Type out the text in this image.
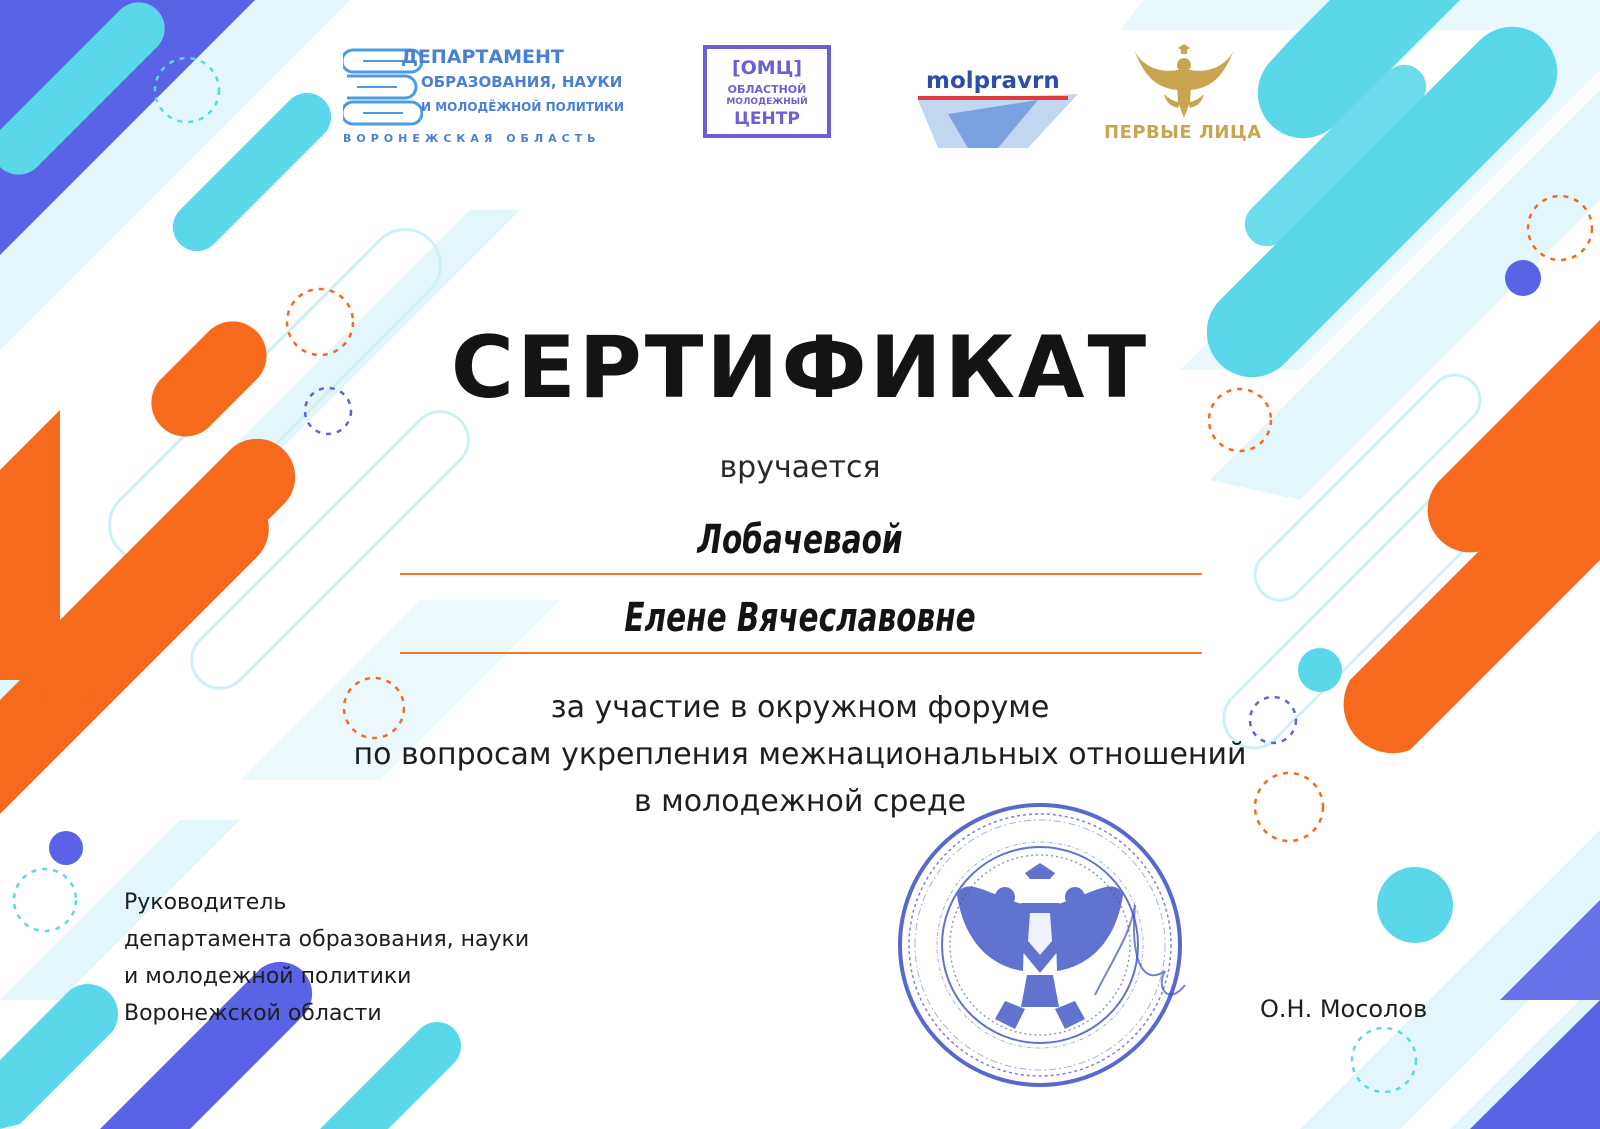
ДЕПАРТАМЕНТ
ОБРАЗОВАНИЯ, НАУКИ
И МОЛОДЁЖНОЙ ПОЛИТИКИ
ВОРОНЕЖСКАЯ ОБЛАСТЬ
[ОМЦ]
ОБЛАСТНОЙ
МОЛОДЕЖНЫЙ
ЦЕНТР
molpravrn
ПЕРВЫЕ ЛИЦА
СЕРТИФИКАТ
вручается
Лобачеваой
Елене Вячеславовне
за участие в окружном форуме
по вопросам укрепления межнациональных отношений
в молодежной среде
Руководитель
департамента образования, науки
и молодежной политики
Воронежской области	О.Н. Мосолов
